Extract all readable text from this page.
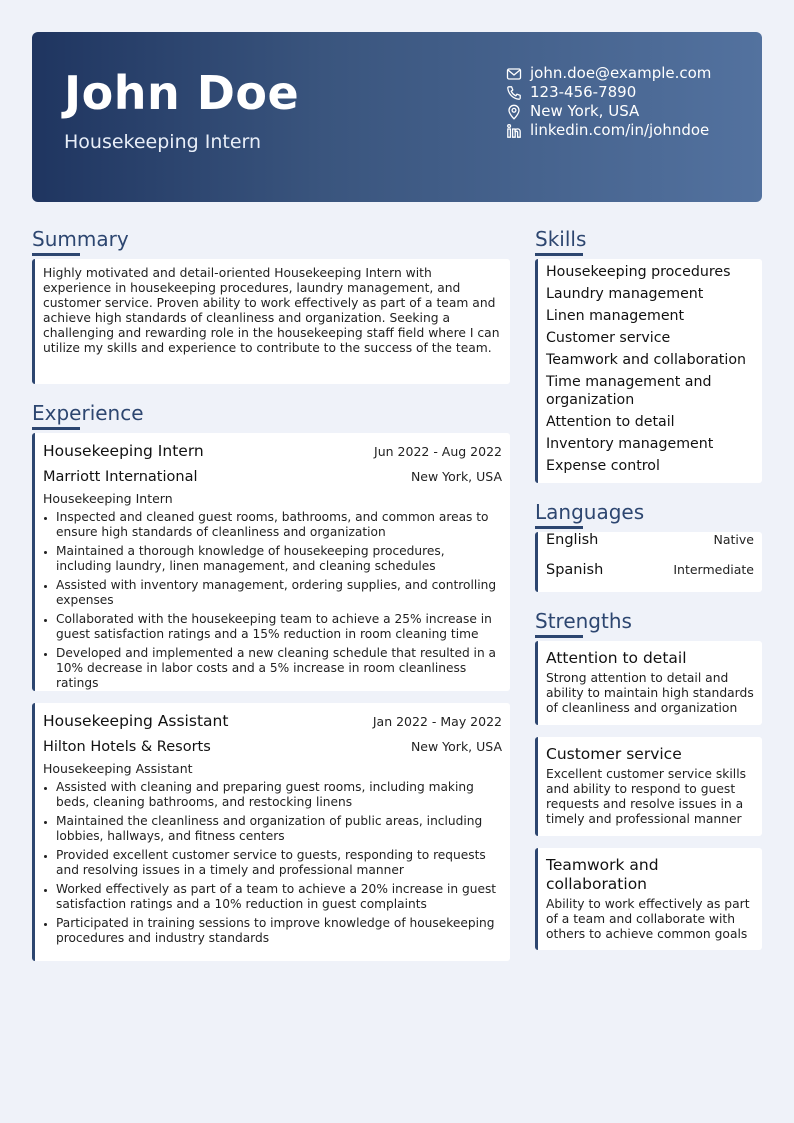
John Doe
Housekeeping Intern
john.doe@example.com
123-456-7890
New York, USA
linkedin.com/in/johndoe
Summary
Highly motivated and detail-oriented Housekeeping Intern with experience in housekeeping procedures, laundry management, and customer service. Proven ability to work effectively as part of a team and achieve high standards of cleanliness and organization. Seeking a challenging and rewarding role in the housekeeping staff field where I can utilize my skills and experience to contribute to the success of the team.
Experience
Housekeeping Intern	Jun 2022 - Aug 2022
Marriott International	New York, USA
Housekeeping Intern
Inspected and cleaned guest rooms, bathrooms, and common areas to ensure high standards of cleanliness and organization
Maintained a thorough knowledge of housekeeping procedures, including laundry, linen management, and cleaning schedules
Assisted with inventory management, ordering supplies, and controlling expenses
Collaborated with the housekeeping team to achieve a 25% increase in guest satisfaction ratings and a 15% reduction in room cleaning time
Developed and implemented a new cleaning schedule that resulted in a 10% decrease in labor costs and a 5% increase in room cleanliness ratings
Housekeeping Assistant	Jan 2022 - May 2022
Hilton Hotels & Resorts	New York, USA
Housekeeping Assistant
Assisted with cleaning and preparing guest rooms, including making beds, cleaning bathrooms, and restocking linens
Maintained the cleanliness and organization of public areas, including lobbies, hallways, and fitness centers
Provided excellent customer service to guests, responding to requests and resolving issues in a timely and professional manner
Worked effectively as part of a team to achieve a 20% increase in guest satisfaction ratings and a 10% reduction in guest complaints
Participated in training sessions to improve knowledge of housekeeping procedures and industry standards
Skills
Housekeeping procedures
Laundry management
Linen management
Customer service
Teamwork and collaboration
Time management and organization
Attention to detail
Inventory management
Expense control
Languages
English	Native
Spanish	Intermediate
Strengths
Attention to detail
Strong attention to detail and ability to maintain high standards of cleanliness and organization
Customer service
Excellent customer service skills and ability to respond to guest requests and resolve issues in a timely and professional manner
Teamwork and collaboration
Ability to work effectively as part of a team and collaborate with others to achieve common goals
